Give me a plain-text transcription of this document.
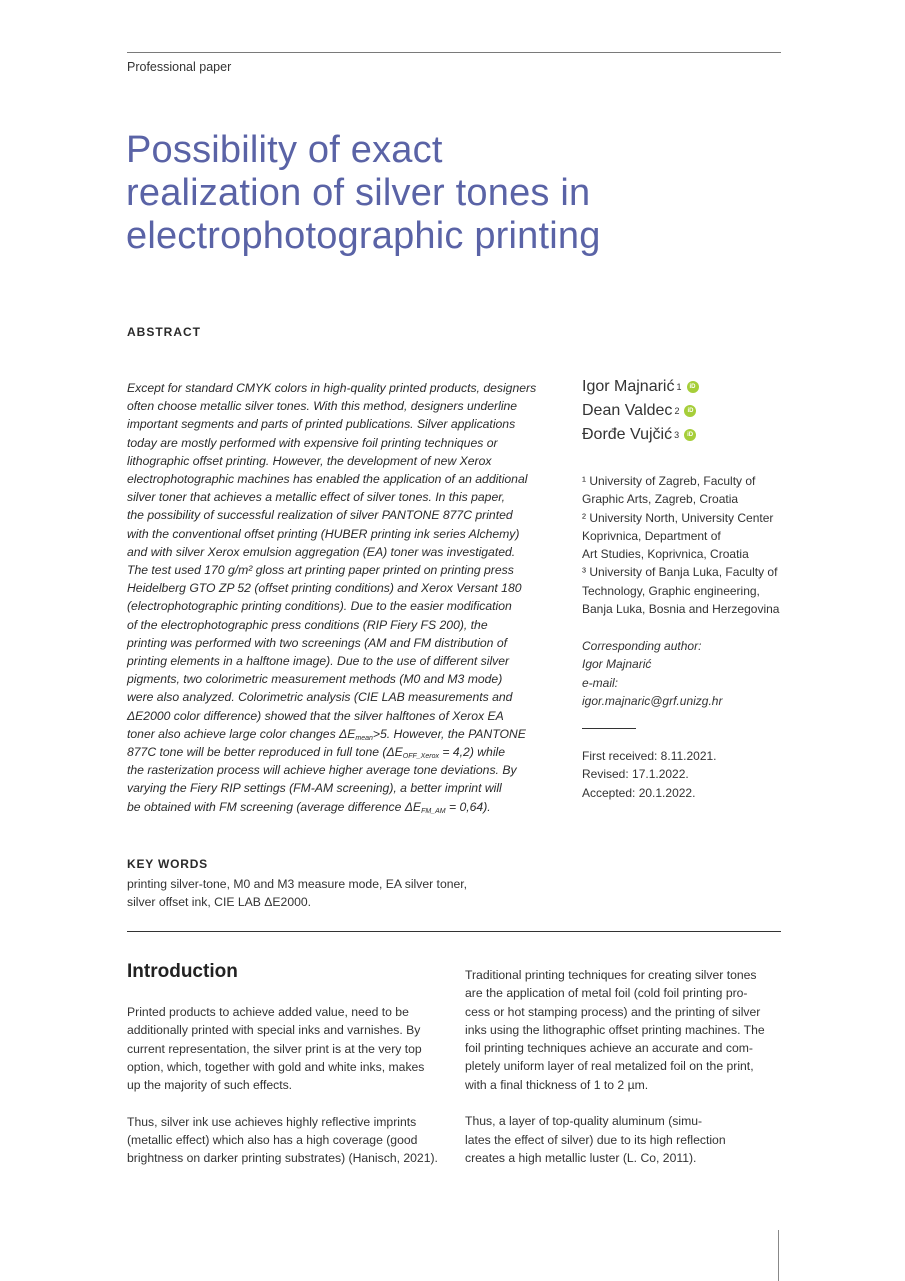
Professional paper
Possibility of exact
realization of silver tones in
electrophotographic printing
ABSTRACT
Except for standard CMYK colors in high-quality printed products, designers
often choose metallic silver tones. With this method, designers underline
important segments and parts of printed publications. Silver applications
today are mostly performed with expensive foil printing techniques or
lithographic offset printing. However, the development of new Xerox
electrophotographic machines has enabled the application of an additional
silver toner that achieves a metallic effect of silver tones. In this paper,
the possibility of successful realization of silver PANTONE 877C printed
with the conventional offset printing (HUBER printing ink series Alchemy)
and with silver Xerox emulsion aggregation (EA) toner was investigated.
The test used 170 g/m² gloss art printing paper printed on printing press
Heidelberg GTO ZP 52 (offset printing conditions) and Xerox Versant 180
(electrophotographic printing conditions). Due to the easier modification
of the electrophotographic press conditions (RIP Fiery FS 200), the
printing was performed with two screenings (AM and FM distribution of
printing elements in a halftone image). Due to the use of different silver
pigments, two colorimetric measurement methods (M0 and M3 mode)
were also analyzed. Colorimetric analysis (CIE LAB measurements and
ΔE2000 color difference) showed that the silver halftones of Xerox EA
toner also achieve large color changes $\Delta E_{mean}>5$. However, the PANTONE
877C tone will be better reproduced in full tone $(\Delta E_{OFF\_Xerox} = 4,2)$ while
the rasterization process will achieve higher average tone deviations. By
varying the Fiery RIP settings (FM-AM screening), a better imprint will
be obtained with FM screening (average difference $\Delta E_{FM\_AM} = 0,64$).
Igor Majnarić 1	iD
Dean Valdec 2	iD
Đorđe Vujčić 3	iD
¹ University of Zagreb, Faculty of
Graphic Arts, Zagreb, Croatia
² University North, University Center
Koprivnica, Department of
Art Studies, Koprivnica, Croatia
³ University of Banja Luka, Faculty of
Technology, Graphic engineering,
Banja Luka, Bosnia and Herzegovina
Corresponding author:
Igor Majnarić
e-mail:
igor.majnaric@grf.unizg.hr
First received: 8.11.2021.
Revised: 17.1.2022.
Accepted: 20.1.2022.
KEY WORDS
printing silver-tone, M0 and M3 measure mode, EA silver toner,
silver offset ink, CIE LAB ΔE2000.
Introduction
Printed products to achieve added value, need to be
additionally printed with special inks and varnishes. By
current representation, the silver print is at the very top
option, which, together with gold and white inks, makes
up the majority of such effects.
Thus, silver ink use achieves highly reflective imprints
(metallic effect) which also has a high coverage (good
brightness on darker printing substrates) (Hanisch, 2021).
Traditional printing techniques for creating silver tones
are the application of metal foil (cold foil printing pro-
cess or hot stamping process) and the printing of silver
inks using the lithographic offset printing machines. The
foil printing techniques achieve an accurate and com-
pletely uniform layer of real metalized foil on the print,
with a final thickness of 1 to 2 µm.
Thus, a layer of top-quality aluminum (simu-
lates the effect of silver) due to its high reflection
creates a high metallic luster (L. Co, 2011).
